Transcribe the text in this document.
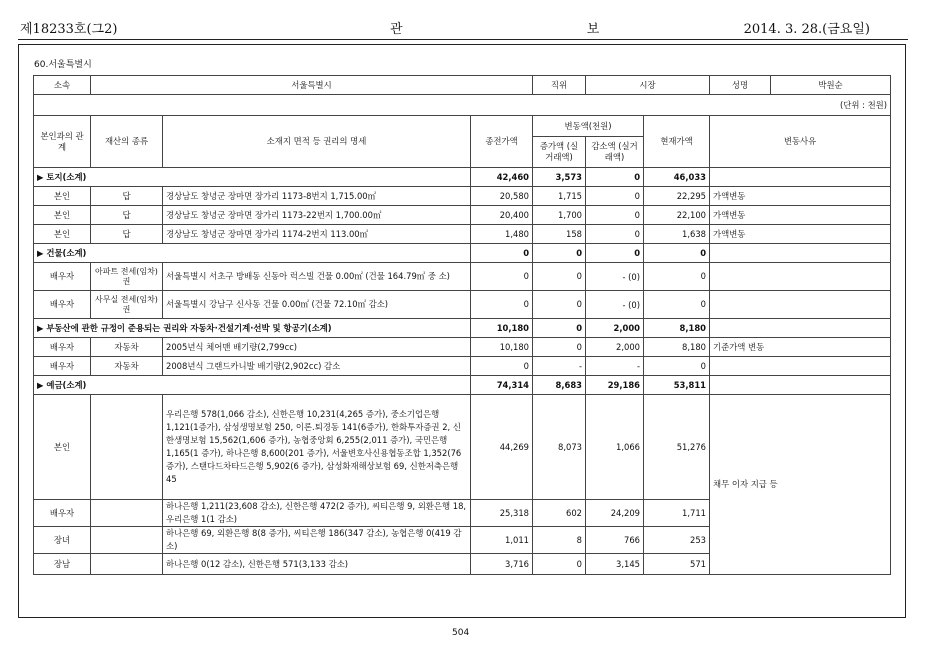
제18233호(그2)	관 보	2014. 3. 28.(금요일)
60.서울특별시
소속	서울특별시			직위	시장		성명 박원순

(단위 : 천원)							
본인과의 관계	재산의 종류	소재지 면적 등 권리의 명세	종전가액	변동액(천원)		현재가액	변동사유
				증가액 (실거래액)	감소액 (실거래액)		
▶ 토지(소계)			42,460	3,573	0	46,033	
본인	답	경상남도 창녕군 장마면 장가리 1173-8번지 1,715.00㎡	20,580	1,715	0	22,295	가액변동
본인	답	경상남도 창녕군 장마면 장가리 1173-22번지 1,700.00㎡	20,400	1,700	0	22,100	가액변동
본인	답	경상남도 창녕군 장마면 장가리 1174-2번지 113.00㎡	1,480	158	0	1,638	가액변동
▶ 건물(소계)			0	0	0	0	
배우자	아파트 전세(임차)권	서울특별시 서초구 방배동 신동아 럭스빌 건물 0.00㎡ (건물 164.79㎡ 중 소)	0	0	- (0)	0	
배우자	사무실 전세(임차)권	서울특별시 강남구 신사동 건물 0.00㎡ (건물 72.10㎡ 감소)	0	0	- (0)	0	
▶ 부동산에 관한 규정이 준용되는 권리와 자동차·건설기계·선박 및 항공기(소계)			10,180	0	2,000	8,180	
배우자	자동차	2005년식 체어맨 배기량(2,799cc)	10,180	0	2,000	8,180	기준가액 변동
배우자	자동차	2008년식 그랜드카니발 배기량(2,902cc) 감소	0	-	-	0	
▶ 예금(소계)			74,314	8,683	29,186	53,811	
본인		우리은행 578(1,066 감소), 신한은행 10,231(4,265 증가), 중소기업은행 1,121(1증가), 삼성생명보험 250, 이론.퇴경동 141(6증가), 한화투자증권 2, 신한생명보험 15,562(1,606 증가), 농협중앙회 6,255(2,011 증가), 국민은행 1,165(1 증가), 하나은행 8,600(201 증가), 서울변호사신용협동조합 1,352(76 증가), 스탠다드차타드은행 5,902(6 증가), 삼성화재해상보험 69, 신한저축은행 45	44,269	8,073	1,066	51,276	채무 이자 지급 등
배우자		하나은행 1,211(23,608 감소), 신한은행 472(2 증가), 씨티은행 9, 외환은행 18, 우리은행 1(1 감소)	25,318	602	24,209	1,711	
장녀		하나은행 69, 외환은행 8(8 증가), 씨티은행 186(347 감소), 농협은행 0(419 감소)	1,011	8	766	253	
장남		하나은행 0(12 감소), 신한은행 571(3,133 감소)	3,716	0	3,145	571	
504
